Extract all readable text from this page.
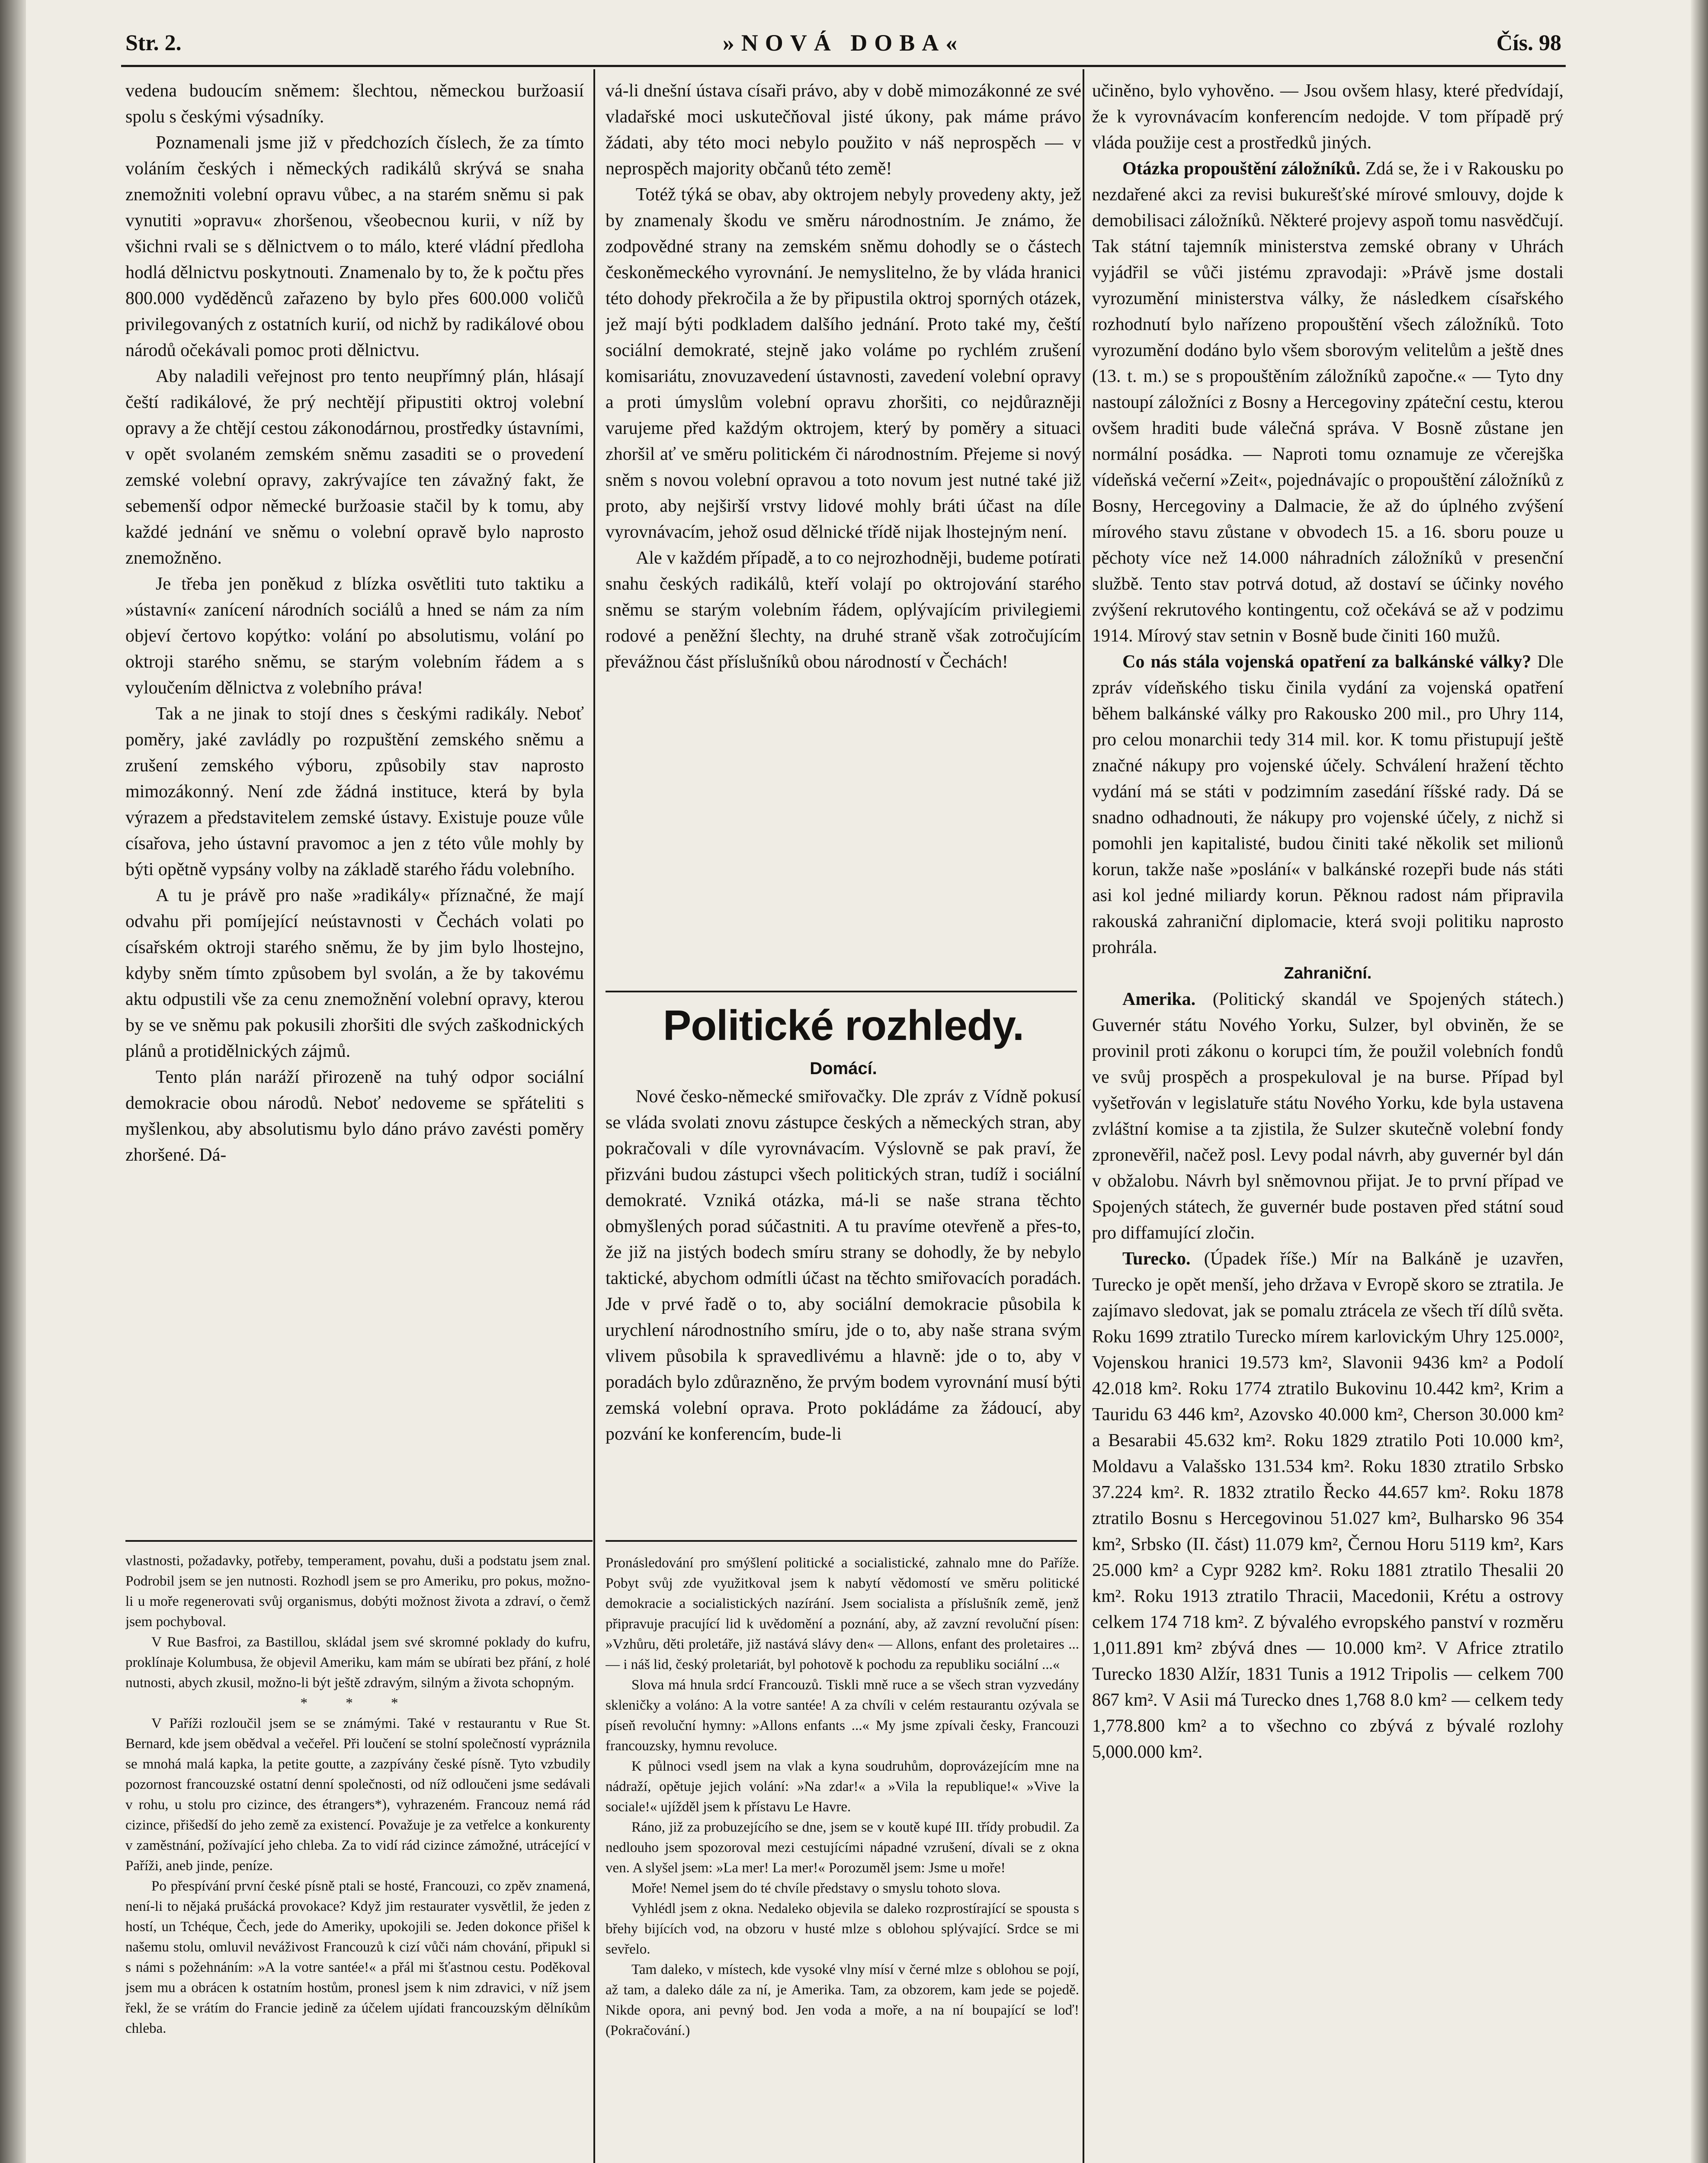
Str. 2.	»NOVÁ DOBA«	Čís. 98

vedena budoucím sněmem: šlechtou, německou buržoasií spolu s českými výsadníky.

Poznamenali jsme již v předchozích číslech, že za tímto voláním českých i německých radikálů skrývá se snaha znemožniti volební opravu vůbec, a na starém sněmu si pak vynutiti »opravu« zhoršenou, všeobecnou kurii, v níž by všichni rvali se s dělnictvem o to málo, které vládní předloha hodlá dělnictvu poskytnouti. Znamenalo by to, že k počtu přes 800.000 vyděděnců zařazeno by bylo přes 600.000 voličů privilegovaných z ostatních kurií, od nichž by radikálové obou národů očekávali pomoc proti dělnictvu.

Aby naladili veřejnost pro tento neupřímný plán, hlásají čeští radikálové, že prý nechtějí připustiti oktroj volební opravy a že chtějí cestou zákonodárnou, prostředky ústavními, v opět svolaném zemském sněmu zasaditi se o provedení zemské volební opravy, zakrývajíce ten závažný fakt, že sebemenší odpor německé buržoasie stačil by k tomu, aby každé jednání ve sněmu o volební opravě bylo naprosto znemožněno.

Je třeba jen poněkud z blízka osvětliti tuto taktiku a »ústavní« zanícení národních sociálů a hned se nám za ním objeví čertovo kopýtko: volání po absolutismu, volání po oktroji starého sněmu, se starým volebním řádem a s vyloučením dělnictva z volebního práva!

Tak a ne jinak to stojí dnes s českými radikály. Neboť poměry, jaké zavládly po rozpuštění zemského sněmu a zrušení zemského výboru, způsobily stav naprosto mimozákonný. Není zde žádná instituce, která by byla výrazem a představitelem zemské ústavy. Existuje pouze vůle císařova, jeho ústavní pravomoc a jen z této vůle mohly by býti opětně vypsány volby na základě starého řádu volebního.

A tu je právě pro naše »radikály« příznačné, že mají odvahu při pomíjející neústavnosti v Čechách volati po císařském oktroji starého sněmu, že by jim bylo lhostejno, kdyby sněm tímto způsobem byl svolán, a že by takovému aktu odpustili vše za cenu znemožnění volební opravy, kterou by se ve sněmu pak pokusili zhoršiti dle svých zaškodnických plánů a protidělnických zájmů.

Tento plán naráží přirozeně na tuhý odpor sociální demokracie obou národů. Neboť nedoveme se spřáteliti s myšlenkou, aby absolutismu bylo dáno právo zavésti poměry zhoršené. Dá-

vá-li dnešní ústava císaři právo, aby v době mimozákonné ze své vladařské moci uskutečňoval jisté úkony, pak máme právo žádati, aby této moci nebylo použito v náš neprospěch — v neprospěch majority občanů této země!

Totéž týká se obav, aby oktrojem nebyly provedeny akty, jež by znamenaly škodu ve směru národnostním. Je známo, že zodpovědné strany na zemském sněmu dohodly se o částech českoněmeckého vyrovnání. Je nemyslitelno, že by vláda hranici této dohody překročila a že by připustila oktroj sporných otázek, jež mají býti podkladem dalšího jednání. Proto také my, čeští sociální demokraté, stejně jako voláme po rychlém zrušení komisariátu, znovuzavedení ústavnosti, zavedení volební opravy a proti úmyslům volební opravu zhoršiti, co nejdůrazněji varujeme před každým oktrojem, který by poměry a situaci zhoršil ať ve směru politickém či národnostním. Přejeme si nový sněm s novou volební opravou a toto novum jest nutné také již proto, aby nejširší vrstvy lidové mohly bráti účast na díle vyrovnávacím, jehož osud dělnické třídě nijak lhostejným není.

Ale v každém případě, a to co nejrozhodněji, budeme potírati snahu českých radikálů, kteří volají po oktrojování starého sněmu se starým volebním řádem, oplývajícím privilegiemi rodové a peněžní šlechty, na druhé straně však zotročujícím převážnou část příslušníků obou národností v Čechách!

Politické rozhledy.
Domácí.

Nové česko-německé smiřovačky. Dle zpráv z Vídně pokusí se vláda svolati znovu zástupce českých a německých stran, aby pokračovali v díle vyrovnávacím. Výslovně se pak praví, že přizváni budou zástupci všech politických stran, tudíž i sociální demokraté. Vzniká otázka, má-li se naše strana těchto obmyšlených porad súčastniti. A tu pravíme otevřeně a přes-to, že již na jistých bodech smíru strany se dohodly, že by nebylo taktické, abychom odmítli účast na těchto smiřovacích poradách. Jde v prvé řadě o to, aby sociální demokracie působila k urychlení národnostního smíru, jde o to, aby naše strana svým vlivem působila k spravedlivému a hlavně: jde o to, aby v poradách bylo zdůrazněno, že prvým bodem vyrovnání musí býti zemská volební oprava. Proto pokládáme za žádoucí, aby pozvání ke konferencím, bude-li

učiněno, bylo vyhověno. — Jsou ovšem hlasy, které předvídají, že k vyrovnávacím konferencím nedojde. V tom případě prý vláda použije cest a prostředků jiných.

Otázka propouštění záložníků. Zdá se, že i v Rakousku po nezdařené akci za revisi bukurešťské mírové smlouvy, dojde k demobilisaci záložníků. Některé projevy aspoň tomu nasvědčují. Tak státní tajemník ministerstva zemské obrany v Uhrách vyjádřil se vůči jistému zpravodaji: »Právě jsme dostali vyrozumění ministerstva války, že následkem císařského rozhodnutí bylo nařízeno propouštění všech záložníků. Toto vyrozumění dodáno bylo všem sborovým velitelům a ještě dnes (13. t. m.) se s propouštěním záložníků započne.« — Tyto dny nastoupí záložníci z Bosny a Hercegoviny zpáteční cestu, kterou ovšem hraditi bude válečná správa. V Bosně zůstane jen normální posádka. — Naproti tomu oznamuje ze včerejška vídeňská večerní »Zeit«, pojednávajíc o propouštění záložníků z Bosny, Hercegoviny a Dalmacie, že až do úplného zvýšení mírového stavu zůstane v obvodech 15. a 16. sboru pouze u pěchoty více než 14.000 náhradních záložníků v presenční službě. Tento stav potrvá dotud, až dostaví se účinky nového zvýšení rekrutového kontingentu, což očekává se až v podzimu 1914. Mírový stav setnin v Bosně bude činiti 160 mužů.

Co nás stála vojenská opatření za balkánské války? Dle zpráv vídeňského tisku činila vydání za vojenská opatření během balkánské války pro Rakousko 200 mil., pro Uhry 114, pro celou monarchii tedy 314 mil. kor. K tomu přistupují ještě značné nákupy pro vojenské účely. Schválení hražení těchto vydání má se státi v podzimním zasedání říšské rady. Dá se snadno odhadnouti, že nákupy pro vojenské účely, z nichž si pomohli jen kapitalisté, budou činiti také několik set milionů korun, takže naše »poslání« v balkánské rozepři bude nás státi asi kol jedné miliardy korun. Pěknou radost nám připravila rakouská zahraniční diplomacie, která svoji politiku naprosto prohrála.

Zahraniční.

Amerika. (Politický skandál ve Spojených státech.) Guvernér státu Nového Yorku, Sulzer, byl obviněn, že se provinil proti zákonu o korupci tím, že použil volebních fondů ve svůj prospěch a prospekuloval je na burse. Případ byl vyšetřován v legislatuře státu Nového Yorku, kde byla ustavena zvláštní komise a ta zjistila, že Sulzer skutečně volební fondy zpronevěřil, načež posl. Levy podal návrh, aby guvernér byl dán v obžalobu. Návrh byl sněmovnou přijat. Je to první případ ve Spojených státech, že guvernér bude postaven před státní soud pro diffamující zločin.

Turecko. (Úpadek říše.) Mír na Balkáně je uzavřen, Turecko je opět menší, jeho država v Evropě skoro se ztratila. Je zajímavo sledovat, jak se pomalu ztrácela ze všech tří dílů světa. Roku 1699 ztratilo Turecko mírem karlovickým Uhry 125.000², Vojenskou hranici 19.573 km², Slavonii 9436 km² a Podolí 42.018 km². Roku 1774 ztratilo Bukovinu 10.442 km², Krim a Tauridu 63 446 km², Azovsko 40.000 km², Cherson 30.000 km² a Besarabii 45.632 km². Roku 1829 ztratilo Poti 10.000 km², Moldavu a Valašsko 131.534 km². Roku 1830 ztratilo Srbsko 37.224 km². R. 1832 ztratilo Řecko 44.657 km². Roku 1878 ztratilo Bosnu s Hercegovinou 51.027 km², Bulharsko 96 354 km², Srbsko (II. část) 11.079 km², Černou Horu 5119 km², Kars 25.000 km² a Cypr 9282 km². Roku 1881 ztratilo Thesalii 20 km². Roku 1913 ztratilo Thracii, Macedonii, Krétu a ostrovy celkem 174 718 km². Z bývalého evropského panství v rozměru 1,011.891 km² zbývá dnes — 10.000 km². V Africe ztratilo Turecko 1830 Alžír, 1831 Tunis a 1912 Tripolis — celkem 700 867 km². V Asii má Turecko dnes 1,768 8.0 km² — celkem tedy 1,778.800 km² a to všechno co zbývá z bývalé rozlohy 5,000.000 km².

vlastnosti, požadavky, potřeby, temperament, povahu, duši a podstatu jsem znal. Podrobil jsem se jen nutnosti. Rozhodl jsem se pro Ameriku, pro pokus, možno-li u moře regenerovati svůj organismus, dobýti možnost života a zdraví, o čemž jsem pochyboval.

V Rue Basfroi, za Bastillou, skládal jsem své skromné poklady do kufru, proklínaje Kolumbusa, že objevil Ameriku, kam mám se ubírati bez přání, z holé nutnosti, abych zkusil, možno-li být ještě zdravým, silným a života schopným.

* * *

V Paříži rozloučil jsem se se známými. Také v restaurantu v Rue St. Bernard, kde jsem obědval a večeřel. Při loučení se stolní společností vypráznila se mnohá malá kapka, la petite goutte, a zazpívány české písně. Tyto vzbudily pozornost francouzské ostatní denní společnosti, od níž odloučeni jsme sedávali v rohu, u stolu pro cizince, des étrangers*), vyhrazeném. Francouz nemá rád cizince, přišedší do jeho země za existencí. Považuje je za vetřelce a konkurenty v zaměstnání, požívající jeho chleba. Za to vidí rád cizince zámožné, utrácející v Paříži, aneb jinde, peníze.

Po přespívání první české písně ptali se hosté, Francouzi, co zpěv znamená, není-li to nějaká prušácká provokace? Když jim restaurater vysvětlil, že jeden z hostí, un Tchéque, Čech, jede do Ameriky, upokojili se. Jeden dokonce přišel k našemu stolu, omluvil neváživost Francouzů k cizí vůči nám chování, připukl si s námi s požehnáním: »A la votre santée!« a přál mi šťastnou cestu. Poděkoval jsem mu a obrácen k ostatním hostům, pronesl jsem k nim zdravici, v níž jsem řekl, že se vrátím do Francie jedině za účelem ujídati francouzským dělníkům chleba.

Pronásledování pro smýšlení politické a socialistické, zahnalo mne do Paříže. Pobyt svůj zde využitkoval jsem k nabytí vědomostí ve směru politické demokracie a socialistických nazírání. Jsem socialista a příslušník země, jenž připravuje pracující lid k uvědomění a poznání, aby, až zavzní revoluční písen: »Vzhůru, děti proletáře, již nastává slávy den« — Allons, enfant des proletaires ... — i náš lid, český proletariát, byl pohotově k pochodu za republiku sociální ...«

Slova má hnula srdcí Francouzů. Tiskli mně ruce a se všech stran vyzvedány skleničky a voláno: A la votre santée! A za chvíli v celém restaurantu ozývala se píseň revoluční hymny: »Allons enfants ...« My jsme zpívali česky, Francouzi francouzsky, hymnu revoluce.

K půlnoci vsedl jsem na vlak a kyna soudruhům, doprovázejícím mne na nádraží, opětuje jejich volání: »Na zdar!« a »Vila la republique!« »Vive la sociale!« ujížděl jsem k přístavu Le Havre.

Ráno, již za probuzejícího se dne, jsem se v koutě kupé III. třídy probudil. Za nedlouho jsem spozoroval mezi cestujícími nápadné vzrušení, dívali se z okna ven. A slyšel jsem: »La mer! La mer!« Porozuměl jsem: Jsme u moře!

Moře! Nemel jsem do té chvíle představy o smyslu tohoto slova.

Vyhlédl jsem z okna. Nedaleko objevila se daleko rozprostírající se spousta s břehy bijících vod, na obzoru v husté mlze s oblohou splývající. Srdce se mi sevřelo.

Tam daleko, v místech, kde vysoké vlny mísí v černé mlze s oblohou se pojí, až tam, a daleko dále za ní, je Amerika. Tam, za obzorem, kam jede se pojedě. Nikde opora, ani pevný bod. Jen voda a moře, a na ní boupající se loď! (Pokračování.)
